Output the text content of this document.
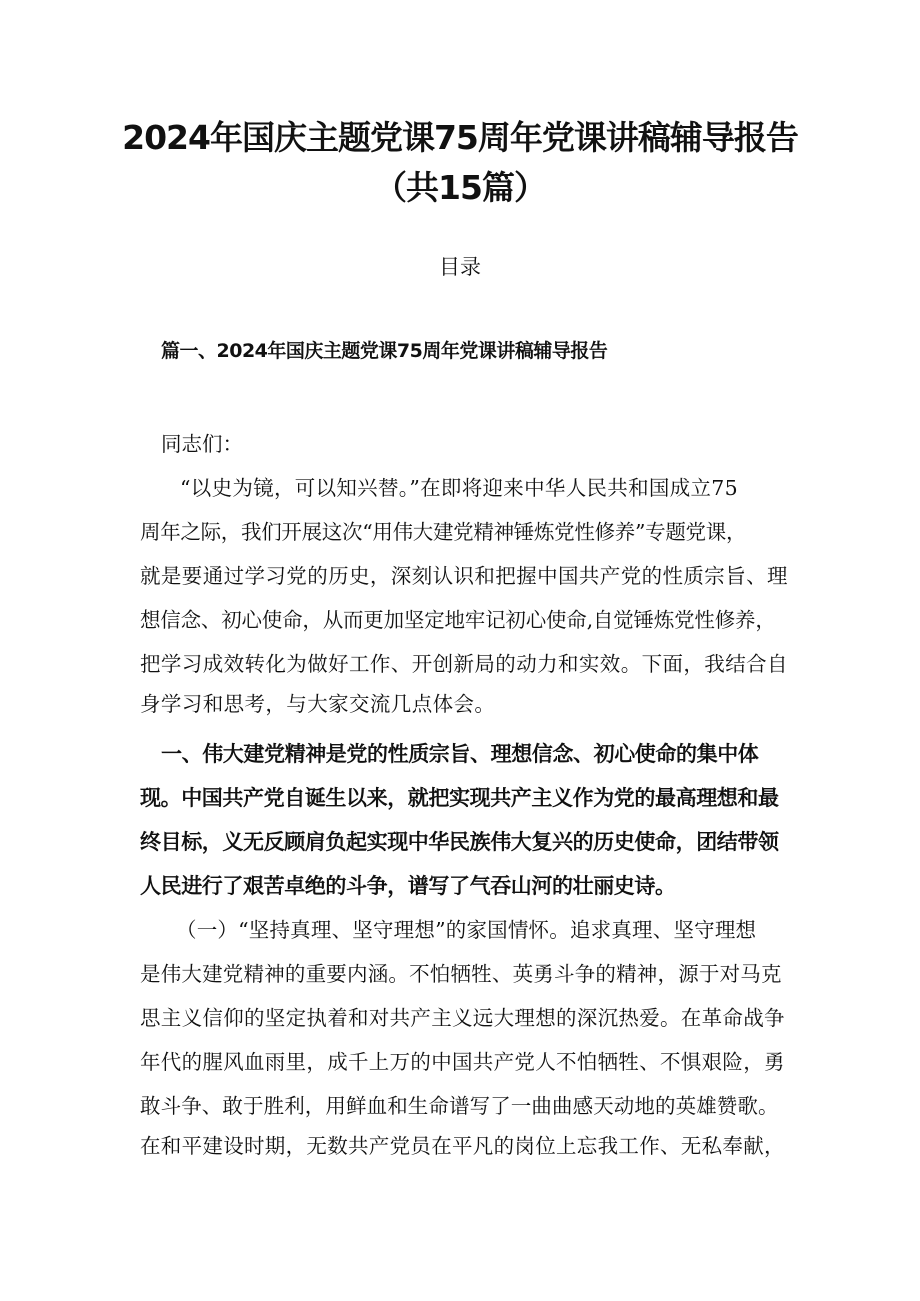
2024年国庆主题党课75周年党课讲稿辅导报告
（共15篇）
目录
篇一、2024年国庆主题党课75周年党课讲稿辅导报告
同志们：
“以史为镜，可以知兴替。”在即将迎来中华人民共和国成立75
周年之际，我们开展这次“用伟大建党精神锤炼党性修养”专题党课，
就是要通过学习党的历史，深刻认识和把握中国共产党的性质宗旨、理
想信念、初心使命，从而更加坚定地牢记初心使命,自觉锤炼党性修养，
把学习成效转化为做好工作、开创新局的动力和实效。下面，我结合自
身学习和思考，与大家交流几点体会。
一、伟大建党精神是党的性质宗旨、理想信念、初心使命的集中体
现。中国共产党自诞生以来，就把实现共产主义作为党的最高理想和最
终目标，义无反顾肩负起实现中华民族伟大复兴的历史使命，团结带领
人民进行了艰苦卓绝的斗争，谱写了气吞山河的壮丽史诗。
（一）“坚持真理、坚守理想”的家国情怀。追求真理、坚守理想
是伟大建党精神的重要内涵。不怕牺牲、英勇斗争的精神，源于对马克
思主义信仰的坚定执着和对共产主义远大理想的深沉热爱。在革命战争
年代的腥风血雨里，成千上万的中国共产党人不怕牺牲、不惧艰险，勇
敢斗争、敢于胜利，用鲜血和生命谱写了一曲曲感天动地的英雄赞歌。
在和平建设时期，无数共产党员在平凡的岗位上忘我工作、无私奉献，
